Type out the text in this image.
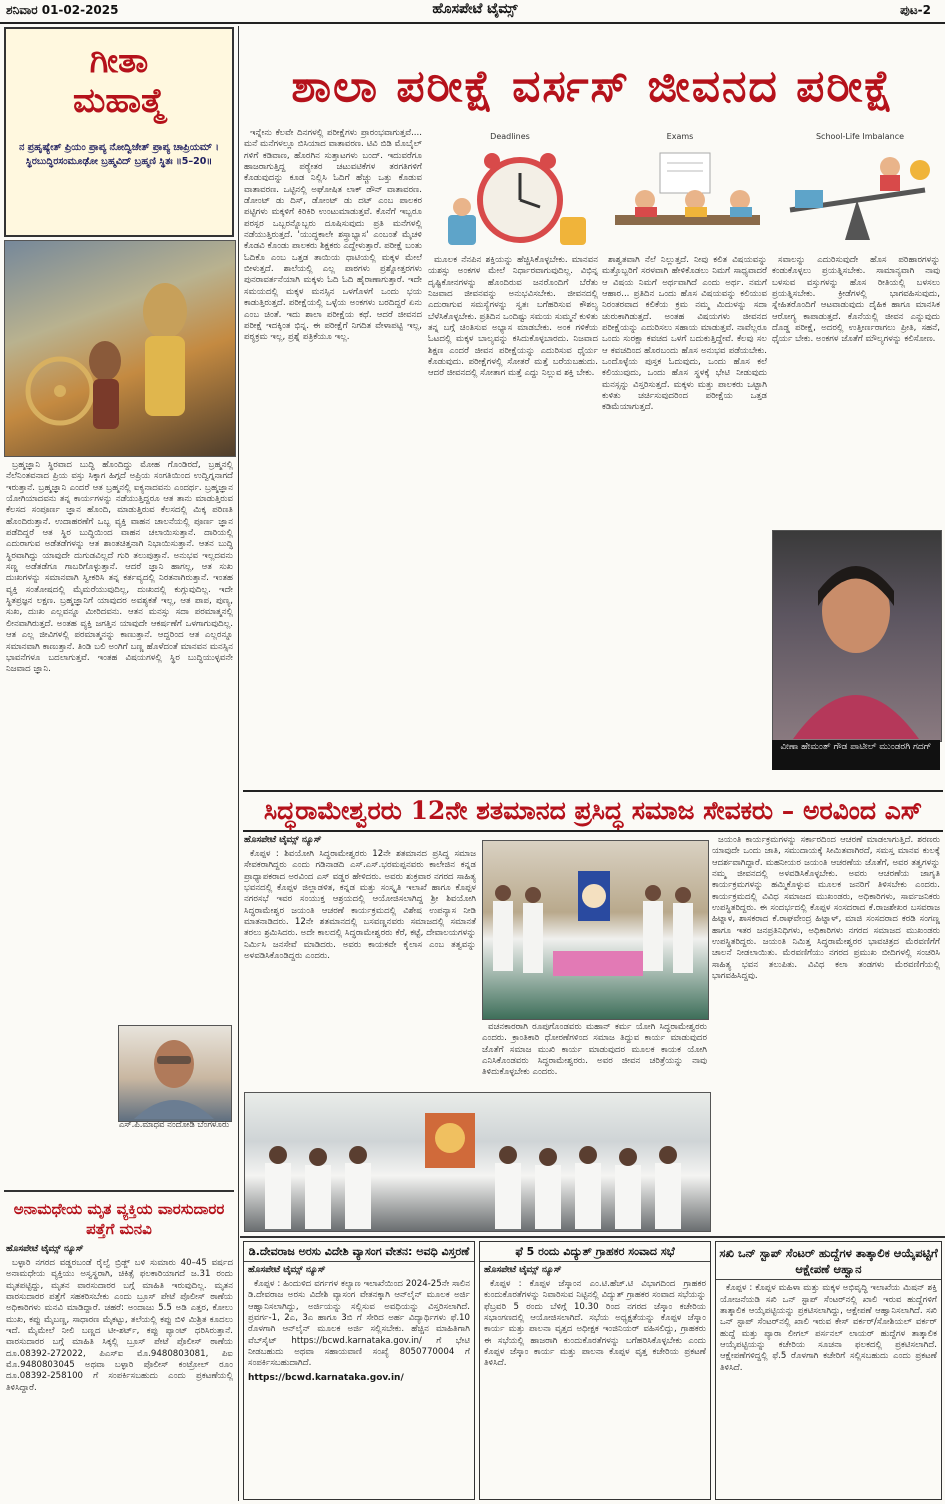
ಶನಿವಾರ 01-02-2025	ಹೊಸಪೇಟೆ ಟೈಮ್ಸ್	ಪುಟ-2
ಗೀತಾ
ಮಹಾತ್ಮೆ
ನ ಪ್ರಹೃಷ್ಯೇತ್ ಪ್ರಿಯಂ ಪ್ರಾಪ್ಯ ನೋದ್ವಿಜೇತ್ ಪ್ರಾಪ್ಯ ಚಾಪ್ರಿಯಮ್ । ಸ್ಥಿರಬುದ್ಧಿರಸಂಮೂಢೋ ಬ್ರಹ್ಮವಿದ್ ಬ್ರಹ್ಮಣಿ ಸ್ಥಿತಃ ॥5–20॥

ಬ್ರಹ್ಮಜ್ಞಾನಿ ಸ್ಥಿರವಾದ ಬುದ್ಧಿ ಹೊಂದಿದ್ದು ಮೋಹ ಗೊಂಡಿರದೆ, ಬ್ರಹ್ಮನಲ್ಲಿ ನೆಲೆನಿಂತವನಾದ ಪ್ರಿಯ ವಸ್ತು ಸಿಕ್ಕಾಗ ಹಿಗ್ಗದೆ ಅಪ್ರಿಯ ಸಂಗತಿಯಿಂದ ಉದ್ವಿಗ್ನನಾಗದೆ ಇರುತ್ತಾನೆ. ಬ್ರಹ್ಮಜ್ಞಾನಿ ಎಂದರೆ ಆತ ಬ್ರಹ್ಮನಲ್ಲಿ ಐಕ್ಯನಾದವನು ಎಂದರ್ಥ. ಬ್ರಹ್ಮಜ್ಞಾನ ಯೋಗಿಯಾದವನು ತನ್ನ ಕಾರ್ಯಗಳನ್ನು ನಡೆಯುತ್ತಿದ್ದರೂ ಆತ ತಾನು ಮಾಡುತ್ತಿರುವ ಕೆಲಸದ ಸಂಪೂರ್ಣ ಜ್ಞಾನ ಹೊಂದಿ, ಮಾಡುತ್ತಿರುವ ಕೆಲಸದಲ್ಲಿ ಮಿಕ್ಕ ಪರಿಣತಿ ಹೊಂದಿರುತ್ತಾನೆ. ಉದಾಹರಣೆಗೆ ಒಬ್ಬ ವ್ಯಕ್ತಿ ವಾಹನ ಚಾಲನೆಯಲ್ಲಿ ಪೂರ್ಣ ಜ್ಞಾನ ಪಡೆದಿದ್ದರೆ ಆತ ಸ್ಥಿರ ಬುದ್ಧಿಯಿಂದ ವಾಹನ ಚಲಾಯಿಸುತ್ತಾನೆ. ದಾರಿಯಲ್ಲಿ ಎದುರಾಗುವ ಅಡೆತಡೆಗಳನ್ನು ಆತ ಶಾಂತಚಿತ್ತನಾಗಿ ನಿಭಾಯಿಸುತ್ತಾನೆ. ಆತನ ಬುದ್ಧಿ ಸ್ಥಿರವಾಗಿದ್ದು ಯಾವುದೇ ದುಗುಡವಿಲ್ಲದೆ ಗುರಿ ತಲುಪುತ್ತಾನೆ. ಅನುಭವ ಇಲ್ಲದವನು ಸಣ್ಣ ಅಡೆತಡೆಗೂ ಗಾಬರಿಗೊಳ್ಳುತ್ತಾನೆ. ಆದರೆ ಜ್ಞಾನಿ ಹಾಗಲ್ಲ, ಆತ ಸುಖ ದುಃಖಗಳನ್ನು ಸಮಾನವಾಗಿ ಸ್ವೀಕರಿಸಿ ತನ್ನ ಕರ್ತವ್ಯದಲ್ಲಿ ನಿರತನಾಗಿರುತ್ತಾನೆ. ಇಂತಹ ವ್ಯಕ್ತಿ ಸಂತೋಷದಲ್ಲಿ ಮೈಮರೆಯುವುದಿಲ್ಲ, ದುಃಖದಲ್ಲಿ ಕುಗ್ಗುವುದಿಲ್ಲ. ಇದೇ ಸ್ಥಿತಪ್ರಜ್ಞನ ಲಕ್ಷಣ. ಬ್ರಹ್ಮಜ್ಞಾನಿಗೆ ಯಾವುದರ ಅವಶ್ಯಕತೆ ಇಲ್ಲ, ಆತ ಪಾಪ, ಪುಣ್ಯ, ಸುಖ, ದುಃಖ ಎಲ್ಲವನ್ನೂ ಮೀರಿದವನು. ಆತನ ಮನಸ್ಸು ಸದಾ ಪರಮಾತ್ಮನಲ್ಲಿ ಲೀನವಾಗಿರುತ್ತದೆ. ಅಂತಹ ವ್ಯಕ್ತಿ ಜಗತ್ತಿನ ಯಾವುದೇ ಆಕರ್ಷಣೆಗೆ ಒಳಗಾಗುವುದಿಲ್ಲ. ಆತ ಎಲ್ಲ ಜೀವಿಗಳಲ್ಲಿ ಪರಮಾತ್ಮನನ್ನು ಕಾಣುತ್ತಾನೆ. ಆದ್ದರಿಂದ ಆತ ಎಲ್ಲರನ್ನೂ ಸಮಾನವಾಗಿ ಕಾಣುತ್ತಾನೆ. ತಿಂಡಿ ಬಲಿ ಅಂಗಿಗೆ ಬಣ್ಣ ಹೊಳೆದಂತೆ ಮಾನವನ ಮನಸ್ಸಿನ ಭಾವನೆಗಳೂ ಬದಲಾಗುತ್ತವೆ. ಇಂತಹ ವಿಷಯಗಳಲ್ಲಿ ಸ್ಥಿರ ಬುದ್ಧಿಯುಳ್ಳವನೇ ನಿಜವಾದ ಜ್ಞಾನಿ.

ಎಸ್.ಪಿ.ಮಾಧವ ನಂದೋಡಿ ಬೆಂಗಳೂರು
ಅನಾಮಧೇಯ ಮೃತ ವ್ಯಕ್ತಿಯ ವಾರಸುದಾರರ ಪತ್ತೆಗೆ ಮನವಿ
ಹೊಸಪೇಟೆ ಟೈಮ್ಸ್ ನ್ಯೂಸ್

ಬಳ್ಳಾರಿ ನಗರದ ವಡ್ಡರಬಂಡೆ ರೈಲ್ವೆ ಬ್ರಿಡ್ಜ್ ಬಳಿ ಸುಮಾರು 40–45 ವರ್ಷದ ಅನಾಮಧೇಯ ವ್ಯಕ್ತಿಯು ಅಸ್ವಸ್ಥರಾಗಿ, ಚಿಕಿತ್ಸೆ ಫಲಕಾರಿಯಾಗದೆ ಜ.31 ರಂದು ಮೃತಪಟ್ಟಿದ್ದು, ಮೃತನ ವಾರಸುದಾರರ ಬಗ್ಗೆ ಮಾಹಿತಿ ಇರುವುದಿಲ್ಲ. ಮೃತನ ವಾರಸುದಾರರ ಪತ್ತೆಗೆ ಸಹಕರಿಸಬೇಕು ಎಂದು ಬ್ರೂಸ್ ಪೇಟೆ ಪೊಲೀಸ್ ಠಾಣೆಯ ಅಧಿಕಾರಿಗಳು ಮನವಿ ಮಾಡಿದ್ದಾರೆ. ಚಹರೆ: ಅಂದಾಜು 5.5 ಅಡಿ ಎತ್ತರ, ಕೋಲು ಮುಖ, ಕಪ್ಪು ಮೈಬಣ್ಣ, ಸಾಧಾರಣ ಮೈಕಟ್ಟು, ತಲೆಯಲ್ಲಿ ಕಪ್ಪು ಬಿಳಿ ಮಿಶ್ರಿತ ಕೂದಲು ಇದೆ. ಮೈಮೇಲೆ ನೀಲಿ ಬಣ್ಣದ ಟೀ-ಶರ್ಟ್, ಕಪ್ಪು ಪ್ಯಾಂಟ್ ಧರಿಸಿರುತ್ತಾನೆ. ವಾರಸುದಾರರ ಬಗ್ಗೆ ಮಾಹಿತಿ ಸಿಕ್ಕಲ್ಲಿ ಬ್ರೂಸ್ ಪೇಟೆ ಪೊಲೀಸ್ ಠಾಣೆಯ ದೂ.08392-272022, ಪಿಎಸ್ಐ ಮೊ.9480803081, ಪಿಐ ಮೊ.9480803045 ಅಥವಾ ಬಳ್ಳಾರಿ ಪೊಲೀಸ್ ಕಂಟ್ರೋಲ್ ರೂಂ ದೂ.08392-258100 ಗೆ ಸಂಪರ್ಕಿಸಬಹುದು ಎಂದು ಪ್ರಕಟಣೆಯಲ್ಲಿ ತಿಳಿಸಿದ್ದಾರೆ.

ಶಾಲಾ ಪರೀಕ್ಷೆ ವರ್ಸಸ್ ಜೀವನದ ಪರೀಕ್ಷೆ

ಇನ್ನೇನು ಕೆಲವೇ ದಿನಗಳಲ್ಲಿ ಪರೀಕ್ಷೆಗಳು ಪ್ರಾರಂಭವಾಗುತ್ತವೆ.... ಮನೆ ಮನೆಗಳಲ್ಲೂ ಬಿಸಿಯಾದ ವಾತಾವರಣ. ಟಿವಿ ಬಿಡಿ ಮೊಬೈಲ್ ಗಳಿಗೆ ಕಡಿವಾಣ, ಹೊರಗಿನ ಸುತ್ತಾಟಗಳು ಬಂದ್. ಇದುವರೆಗೂ ಹಾಜರಾಗುತ್ತಿದ್ದ ಪಠ್ಯೇತರ ಚಟುವಟಿಕೆಗಳ ತರಗತಿಗಳಿಗೆ ಕೊಡುವುದನ್ನು ಕೂಡ ನಿಲ್ಲಿಸಿ ಓದಿಗೆ ಹೆಚ್ಚು ಒತ್ತು ಕೊಡುವ ವಾತಾವರಣ. ಒಟ್ಟಿನಲ್ಲಿ ಅಘೋಷಿತ ಲಾಕ್ ಡೌನ್ ವಾತಾವರಣ. ಡೋಂಟ್ ಡು ದಿಸ್, ಡೋಂಟ್ ಡು ದಟ್ ಎಂಬ ಪಾಲಕರ ಪಟ್ಟಿಗಳು ಮಕ್ಕಳಿಗೆ ಕಿರಿಕಿರಿ ಉಂಟುಮಾಡುತ್ತವೆ. ಕೊನೆಗೆ ಇಬ್ಬರೂ ಪರಸ್ಪರ ಒಬ್ಬರನ್ನೊಬ್ಬರು ದೂಷಿಸುವುದು ಪ್ರತಿ ಮನೆಗಳಲ್ಲಿ ನಡೆಯುತ್ತಿರುತ್ತದೆ. 'ಯುದ್ಧಕಾಲೇ ಶಸ್ತ್ರಾಭ್ಯಾಸ' ಎಂಬಂತೆ ಮೈಚಳಿ ಕೊಡವಿ ಕೊಂಡು ಪಾಲಕರು ಶಿಕ್ಷಕರು ಎದ್ದೇಳುತ್ತಾರೆ. ಪರೀಕ್ಷೆ ಬಂತು ಓದಿಕೊ ಎಂಬ ಒತ್ತಡ ತಾಯಿಯ ಧಾಟಿಯಲ್ಲಿ ಮಕ್ಕಳ ಮೇಲೆ ಬೀಳುತ್ತದೆ. ಶಾಲೆಯಲ್ಲಿ ಎಲ್ಲ ಪಾಠಗಳು ಪ್ರಶ್ನೋತ್ತರಗಳು ಪುನರಾವರ್ತನೆಯಾಗಿ ಮಕ್ಕಳು ಓದಿ ಓದಿ ಹೈರಾಣಾಗುತ್ತಾರೆ. ಇದೇ ಸಮಯದಲ್ಲಿ ಮಕ್ಕಳ ಮನಸ್ಸಿನ ಒಳಗೊಳಗೆ ಒಂದು ಭಯ ಕಾಡುತ್ತಿರುತ್ತದೆ. ಪರೀಕ್ಷೆಯಲ್ಲಿ ಒಳ್ಳೆಯ ಅಂಕಗಳು ಬರದಿದ್ದರೆ ಏನು ಎಂಬ ಚಿಂತೆ. ಇದು ಶಾಲಾ ಪರೀಕ್ಷೆಯ ಕಥೆ. ಆದರೆ ಜೀವನದ ಪರೀಕ್ಷೆ ಇದಕ್ಕಿಂತ ಭಿನ್ನ. ಈ ಪರೀಕ್ಷೆಗೆ ನಿಗದಿತ ವೇಳಾಪಟ್ಟಿ ಇಲ್ಲ, ಪಠ್ಯಕ್ರಮ ಇಲ್ಲ, ಪ್ರಶ್ನೆ ಪತ್ರಿಕೆಯೂ ಇಲ್ಲ.

Deadlines	Exams	School-Life Imbalance

ಮೂಲಕ ನೆನಪಿನ ಶಕ್ತಿಯನ್ನು ಹೆಚ್ಚಿಸಿಕೊಳ್ಳಬೇಕು. ಮಾನವನ ಯಶಸ್ಸು ಅಂಕಗಳ ಮೇಲೆ ನಿರ್ಧಾರವಾಗುವುದಿಲ್ಲ. ವಿಭಿನ್ನ ದೃಷ್ಟಿಕೋನಗಳನ್ನು ಹೊಂದಿರುವ ಜನರೊಂದಿಗೆ ಬೆರೆತು ನಿಜವಾದ ಜೀವನವನ್ನು ಅನುಭವಿಸಬೇಕು. ಜೀವನದಲ್ಲಿ ಎದುರಾಗುವ ಸಮಸ್ಯೆಗಳನ್ನು ಸ್ವತಃ ಬಗೆಹರಿಸುವ ಕೌಶಲ್ಯ ಬೆಳೆಸಿಕೊಳ್ಳಬೇಕು. ಪ್ರತಿದಿನ ಒಂದಿಷ್ಟು ಸಮಯ ಸುಮ್ಮನೆ ಕುಳಿತು ತನ್ನ ಬಗ್ಗೆ ಚಿಂತಿಸುವ ಅಭ್ಯಾಸ ಮಾಡಬೇಕು. ಅಂಕ ಗಳಿಕೆಯ ಓಟದಲ್ಲಿ ಮಕ್ಕಳ ಬಾಲ್ಯವನ್ನು ಕಸಿದುಕೊಳ್ಳಬಾರದು. ನಿಜವಾದ ಶಿಕ್ಷಣ ಎಂದರೆ ಜೀವನ ಪರೀಕ್ಷೆಯನ್ನು ಎದುರಿಸುವ ಧೈರ್ಯ ಕೊಡುವುದು. ಪರೀಕ್ಷೆಗಳಲ್ಲಿ ಸೋತರೆ ಮತ್ತೆ ಬರೆಯಬಹುದು. ಆದರೆ ಜೀವನದಲ್ಲಿ ಸೋತಾಗ ಮತ್ತೆ ಎದ್ದು ನಿಲ್ಲುವ ಶಕ್ತಿ ಬೇಕು.

ಶಾಶ್ವತವಾಗಿ ನೆಲೆ ನಿಲ್ಲುತ್ತದೆ. ನೀವು ಕಲಿತ ವಿಷಯವನ್ನು ಮತ್ತೊಬ್ಬರಿಗೆ ಸರಳವಾಗಿ ಹೇಳಿಕೊಡಲು ನಿಮಗೆ ಸಾಧ್ಯವಾದರೆ ಆ ವಿಷಯ ನಿಮಗೆ ಅರ್ಥವಾಗಿದೆ ಎಂದು ಅರ್ಥ. ನಮಗೆ ಆಹಾರ... ಪ್ರತಿದಿನ ಒಂದು ಹೊಸ ವಿಷಯವನ್ನು ಕಲಿಯುವ ನಿರಂತರವಾದ ಕಲಿಕೆಯ ಕ್ರಮ ನಮ್ಮ ಮಿದುಳನ್ನು ಸದಾ ಚುರುಕಾಗಿಡುತ್ತದೆ. ಅಂತಹ ವಿಷಯಗಳು ಜೀವನದ ಪರೀಕ್ಷೆಯನ್ನು ಎದುರಿಸಲು ಸಹಾಯ ಮಾಡುತ್ತವೆ. ನಾವೆಲ್ಲರೂ ಒಂದು ಸುರಕ್ಷಾ ಕವಚದ ಒಳಗೆ ಬದುಕುತ್ತಿದ್ದೇವೆ. ಕೆಲವು ಸಲ ಆ ಕವಚದಿಂದ ಹೊರಬಂದು ಹೊಸ ಅನುಭವ ಪಡೆಯಬೇಕು. ಒಂದೊಳ್ಳೆಯ ಪುಸ್ತಕ ಓದುವುದು, ಒಂದು ಹೊಸ ಕಲೆ ಕಲಿಯುವುದು, ಒಂದು ಹೊಸ ಸ್ಥಳಕ್ಕೆ ಭೇಟಿ ನೀಡುವುದು ಮನಸ್ಸನ್ನು ವಿಸ್ತರಿಸುತ್ತದೆ. ಮಕ್ಕಳು ಮತ್ತು ಪಾಲಕರು ಒಟ್ಟಾಗಿ ಕುಳಿತು ಚರ್ಚಿಸುವುದರಿಂದ ಪರೀಕ್ಷೆಯ ಒತ್ತಡ ಕಡಿಮೆಯಾಗುತ್ತದೆ.

ಸವಾಲನ್ನು ಎದುರಿಸುವುದೇ ಹೊಸ ಪರಿಹಾರಗಳನ್ನು ಕಂಡುಕೊಳ್ಳಲು ಪ್ರಯತ್ನಿಸಬೇಕು. ಸಾಮಾನ್ಯವಾಗಿ ನಾವು ಬಳಸುವ ವಸ್ತುಗಳನ್ನು ಹೊಸ ರೀತಿಯಲ್ಲಿ ಬಳಸಲು ಪ್ರಯತ್ನಿಸಬೇಕು. ಕ್ರೀಡೆಗಳಲ್ಲಿ ಭಾಗವಹಿಸುವುದು, ಸ್ನೇಹಿತರೊಂದಿಗೆ ಆಟವಾಡುವುದು ದೈಹಿಕ ಹಾಗೂ ಮಾನಸಿಕ ಆರೋಗ್ಯ ಕಾಪಾಡುತ್ತದೆ. ಕೊನೆಯಲ್ಲಿ ಜೀವನ ಎನ್ನುವುದು ದೊಡ್ಡ ಪರೀಕ್ಷೆ, ಅದರಲ್ಲಿ ಉತ್ತೀರ್ಣರಾಗಲು ಪ್ರೀತಿ, ಸಹನೆ, ಧೈರ್ಯ ಬೇಕು. ಅಂಕಗಳ ಜೊತೆಗೆ ಮೌಲ್ಯಗಳನ್ನು ಕಲಿಸೋಣ.

ವೀಣಾ ಹೇಮಂತ್ ಗೌಡ ಪಾಟೀಲ್ ಮುಂಡರಗಿ ಗದಗ್
ಸಿದ್ಧರಾಮೇಶ್ವರರು 12ನೇ ಶತಮಾನದ ಪ್ರಸಿದ್ಧ ಸಮಾಜ ಸೇವಕರು – ಅರವಿಂದ ಎಸ್
ಹೊಸಪೇಟೆ ಟೈಮ್ಸ್ ನ್ಯೂಸ್

ಕೊಪ್ಪಳ : ಶಿವಯೋಗಿ ಸಿದ್ಧರಾಮೇಶ್ವರರು 12ನೇ ಶತಮಾನದ ಪ್ರಸಿದ್ಧ ಸಮಾಜ ಸೇವಕರಾಗಿದ್ದರು ಎಂದು ಗಡಿನಾಡದಿ ಎಸ್.ಎಸ್.ಭರಮಪ್ಪನವರು ಕಾಲೇಜಿನ ಕನ್ನಡ ಪ್ರಾಧ್ಯಾಪಕರಾದ ಅರವಿಂದ ಎಸ್ ವಡ್ಡರ ಹೇಳಿದರು. ಅವರು ಶುಕ್ರವಾರ ನಗರದ ಸಾಹಿತ್ಯ ಭವನದಲ್ಲಿ ಕೊಪ್ಪಳ ಜಿಲ್ಲಾಡಳಿತ, ಕನ್ನಡ ಮತ್ತು ಸಂಸ್ಕೃತಿ ಇಲಾಖೆ ಹಾಗೂ ಕೊಪ್ಪಳ ನಗರಸಭೆ ಇವರ ಸಂಯುಕ್ತ ಆಶ್ರಯದಲ್ಲಿ ಆಯೋಜಿಸಲಾಗಿದ್ದ ಶ್ರೀ ಶಿವಯೋಗಿ ಸಿದ್ಧರಾಮೇಶ್ವರ ಜಯಂತಿ ಆಚರಣೆ ಕಾರ್ಯಕ್ರಮದಲ್ಲಿ ವಿಶೇಷ ಉಪನ್ಯಾಸ ನೀಡಿ ಮಾತನಾಡಿದರು. 12ನೇ ಶತಮಾನದಲ್ಲಿ ಬಸವಣ್ಣನವರು ಸಮಾಜದಲ್ಲಿ ಸಮಾನತೆ ತರಲು ಶ್ರಮಿಸಿದರು. ಅದೇ ಕಾಲದಲ್ಲಿ ಸಿದ್ಧರಾಮೇಶ್ವರರು ಕೆರೆ, ಕಟ್ಟೆ, ದೇವಾಲಯಗಳನ್ನು ನಿರ್ಮಿಸಿ ಜನಸೇವೆ ಮಾಡಿದರು. ಅವರು ಕಾಯಕವೇ ಕೈಲಾಸ ಎಂಬ ತತ್ವವನ್ನು ಅಳವಡಿಸಿಕೊಂಡಿದ್ದರು ಎಂದರು.

ವಚನಕಾರರಾಗಿ ರೂಪುಗೊಂಡವರು ಮಹಾನ್ ಕರ್ಮ ಯೋಗಿ ಸಿದ್ಧರಾಮೇಶ್ವರರು ಎಂದರು. ಕ್ರಾಂತಿಕಾರಿ ಧೋರಣೆಗಳಿಂದ ಸಮಾಜ ತಿದ್ದುವ ಕಾರ್ಯ ಮಾಡುವುದರ ಜೊತೆಗೆ ಸಮಾಜ ಮುಖಿ ಕಾರ್ಯ ಮಾಡುವುದರ ಮೂಲಕ ಕಾಯಕ ಯೋಗಿ ಎನಿಸಿಕೊಂಡವರು ಸಿದ್ಧರಾಮೇಶ್ವರರು. ಅವರ ಜೀವನ ಚರಿತ್ರೆಯನ್ನು ನಾವು ತಿಳಿದುಕೊಳ್ಳಬೇಕು ಎಂದರು.

ಜಯಂತಿ ಕಾರ್ಯಕ್ರಮಗಳನ್ನು ಸರ್ಕಾರದಿಂದ ಆಚರಣೆ ಮಾಡಲಾಗುತ್ತಿದೆ. ಶರಣರು ಯಾವುದೇ ಒಂದು ಜಾತಿ, ಸಮುದಾಯಕ್ಕೆ ಸೀಮಿತವಾಗಿರದೆ, ಸಮಸ್ತ ಮಾನವ ಕುಲಕ್ಕೆ ಆದರ್ಶವಾಗಿದ್ದಾರೆ. ಮಹನೀಯರ ಜಯಂತಿ ಆಚರಣೆಯ ಜೊತೆಗೆ, ಅವರ ತತ್ವಗಳನ್ನು ನಮ್ಮ ಜೀವನದಲ್ಲಿ ಅಳವಡಿಸಿಕೊಳ್ಳಬೇಕು. ಅವರು ಆಚರಣೆಯ ಜಾಗೃತಿ ಕಾರ್ಯಕ್ರಮಗಳನ್ನು ಹಮ್ಮಿಕೊಳ್ಳುವ ಮೂಲಕ ಜನರಿಗೆ ತಿಳಿಸಬೇಕು ಎಂದರು. ಕಾರ್ಯಕ್ರಮದಲ್ಲಿ ವಿವಿಧ ಸಮಾಜದ ಮುಖಂಡರು, ಅಧಿಕಾರಿಗಳು, ಸಾರ್ವಜನಿಕರು ಉಪಸ್ಥಿತರಿದ್ದರು. ಈ ಸಂದರ್ಭದಲ್ಲಿ ಕೊಪ್ಪಳ ಸಂಸದರಾದ ಕೆ.ರಾಜಶೇಖರ ಬಸವರಾಜ ಹಿಟ್ನಾಳ, ಶಾಸಕರಾದ ಕೆ.ರಾಘವೇಂದ್ರ ಹಿಟ್ನಾಳ್, ಮಾಜಿ ಸಂಸದರಾದ ಕರಡಿ ಸಂಗಣ್ಣ ಹಾಗೂ ಇತರ ಜನಪ್ರತಿನಿಧಿಗಳು, ಅಧಿಕಾರಿಗಳು ನಗರದ ಸಮಾಜದ ಮುಖಂಡರು ಉಪಸ್ಥಿತರಿದ್ದರು. ಜಯಂತಿ ನಿಮಿತ್ತ ಸಿದ್ಧರಾಮೇಶ್ವರರ ಭಾವಚಿತ್ರದ ಮೆರವಣಿಗೆಗೆ ಚಾಲನೆ ನೀಡಲಾಯಿತು. ಮೆರವಣಿಗೆಯು ನಗರದ ಪ್ರಮುಖ ಬೀದಿಗಳಲ್ಲಿ ಸಂಚರಿಸಿ ಸಾಹಿತ್ಯ ಭವನ ತಲುಪಿತು. ವಿವಿಧ ಕಲಾ ತಂಡಗಳು ಮೆರವಣಿಗೆಯಲ್ಲಿ ಭಾಗವಹಿಸಿದ್ದವು.

ಡಿ.ದೇವರಾಜ ಅರಸು ವಿದೇಶಿ ವ್ಯಾಸಂಗ ವೇತನ: ಅವಧಿ ವಿಸ್ತರಣೆ
ಹೊಸಪೇಟೆ ಟೈಮ್ಸ್ ನ್ಯೂಸ್

ಕೊಪ್ಪಳ : ಹಿಂದುಳಿದ ವರ್ಗಗಳ ಕಲ್ಯಾಣ ಇಲಾಖೆಯಿಂದ 2024-25ನೇ ಸಾಲಿನ ಡಿ.ದೇವರಾಜ ಅರಸು ವಿದೇಶಿ ವ್ಯಾಸಂಗ ವೇತನಕ್ಕಾಗಿ ಆನ್‍ಲೈನ್ ಮೂಲಕ ಅರ್ಜಿ ಆಹ್ವಾನಿಸಲಾಗಿದ್ದು, ಅರ್ಜಿಯನ್ನು ಸಲ್ಲಿಸುವ ಅವಧಿಯನ್ನು ವಿಸ್ತರಿಸಲಾಗಿದೆ. ಪ್ರವರ್ಗ-1, 2ಎ, 3ಎ ಹಾಗೂ 3ಬಿ ಗೆ ಸೇರಿದ ಅರ್ಹ ವಿದ್ಯಾರ್ಥಿಗಳು ಫೆ.10 ರೊಳಗಾಗಿ ಆನ್‍ಲೈನ್ ಮೂಲಕ ಅರ್ಜಿ ಸಲ್ಲಿಸಬೇಕು. ಹೆಚ್ಚಿನ ಮಾಹಿತಿಗಾಗಿ ವೆಬ್‍ಸೈಟ್ https://bcwd.karnataka.gov.in/ ಗೆ ಭೇಟಿ ನೀಡಬಹುದು ಅಥವಾ ಸಹಾಯವಾಣಿ ಸಂಖ್ಯೆ 8050770004 ಗೆ ಸಂಪರ್ಕಿಸಬಹುದಾಗಿದೆ.

https://bcwd.karnataka.gov.in/
ಫೆ 5 ರಂದು ವಿದ್ಯುತ್ ಗ್ರಾಹಕರ ಸಂವಾದ ಸಭೆ
ಹೊಸಪೇಟೆ ಟೈಮ್ಸ್ ನ್ಯೂಸ್

ಕೊಪ್ಪಳ : ಕೊಪ್ಪಳ ಜೆಸ್ಕಾಂನ ಎಂ.ಟಿ.ಹೆಚ್.ಟಿ ವಿಭಾಗದಿಂದ ಗ್ರಾಹಕರ ಕುಂದುಕೊರತೆಗಳನ್ನು ನಿವಾರಿಸುವ ನಿಟ್ಟಿನಲ್ಲಿ ವಿದ್ಯುತ್ ಗ್ರಾಹಕರ ಸಂವಾದ ಸಭೆಯನ್ನು ಫೆಬ್ರವರಿ 5 ರಂದು ಬೆಳಿಗ್ಗೆ 10.30 ರಿಂದ ನಗರದ ಜೆಸ್ಕಾಂ ಕಚೇರಿಯ ಸಭಾಂಗಣದಲ್ಲಿ ಆಯೋಜಿಸಲಾಗಿದೆ. ಸಭೆಯ ಅಧ್ಯಕ್ಷತೆಯನ್ನು ಕೊಪ್ಪಳ ಜೆಸ್ಕಾಂ ಕಾರ್ಯ ಮತ್ತು ಪಾಲನಾ ವೃತ್ತದ ಅಧೀಕ್ಷಕ ಇಂಜಿನಿಯರ್ ವಹಿಸಲಿದ್ದು, ಗ್ರಾಹಕರು ಈ ಸಭೆಯಲ್ಲಿ ಹಾಜರಾಗಿ ಕುಂದುಕೊರತೆಗಳನ್ನು ಬಗೆಹರಿಸಿಕೊಳ್ಳಬೇಕು ಎಂದು ಕೊಪ್ಪಳ ಜೆಸ್ಕಾಂ ಕಾರ್ಯ ಮತ್ತು ಪಾಲನಾ ಕೊಪ್ಪಳ ವೃತ್ತ ಕಚೇರಿಯ ಪ್ರಕಟಣೆ ತಿಳಿಸಿದೆ.

ಸಖಿ ಒನ್ ಸ್ಟಾಪ್ ಸೆಂಟರ್ ಹುದ್ದೆಗಳ ತಾತ್ಕಾಲಿಕ ಆಯ್ಕೆಪಟ್ಟಿಗೆ ಆಕ್ಷೇಪಣೆ ಆಹ್ವಾನ

ಕೊಪ್ಪಳ : ಕೊಪ್ಪಳ ಮಹಿಳಾ ಮತ್ತು ಮಕ್ಕಳ ಅಭಿವೃದ್ಧಿ ಇಲಾಖೆಯ ಮಿಷನ್ ಶಕ್ತಿ ಯೋಜನೆಯಡಿ ಸಖಿ ಒನ್ ಸ್ಟಾಪ್ ಸೆಂಟರ್‌ನಲ್ಲಿ ಖಾಲಿ ಇರುವ ಹುದ್ದೆಗಳಿಗೆ ತಾತ್ಕಾಲಿಕ ಆಯ್ಕೆಪಟ್ಟಿಯನ್ನು ಪ್ರಕಟಿಸಲಾಗಿದ್ದು, ಆಕ್ಷೇಪಣೆ ಆಹ್ವಾನಿಸಲಾಗಿದೆ. ಸಖಿ ಒನ್ ಸ್ಟಾಪ್ ಸೆಂಟರ್‌ನಲ್ಲಿ ಖಾಲಿ ಇರುವ ಕೇಸ್ ವರ್ಕರ್/ಸೋಶಿಯಲ್ ವರ್ಕರ್ ಹುದ್ದೆ ಮತ್ತು ಪ್ಯಾರಾ ಲೀಗಲ್ ಪರ್ಸನಲ್ ಲಾಯರ್ ಹುದ್ದೆಗಳ ತಾತ್ಕಾಲಿಕ ಆಯ್ಕೆಪಟ್ಟಿಯನ್ನು ಕಚೇರಿಯ ಸೂಚನಾ ಫಲಕದಲ್ಲಿ ಪ್ರಕಟಿಸಲಾಗಿದೆ. ಆಕ್ಷೇಪಣೆಗಳಿದ್ದಲ್ಲಿ ಫೆ.5 ರೊಳಗಾಗಿ ಕಚೇರಿಗೆ ಸಲ್ಲಿಸಬಹುದು ಎಂದು ಪ್ರಕಟಣೆ ತಿಳಿಸಿದೆ.
